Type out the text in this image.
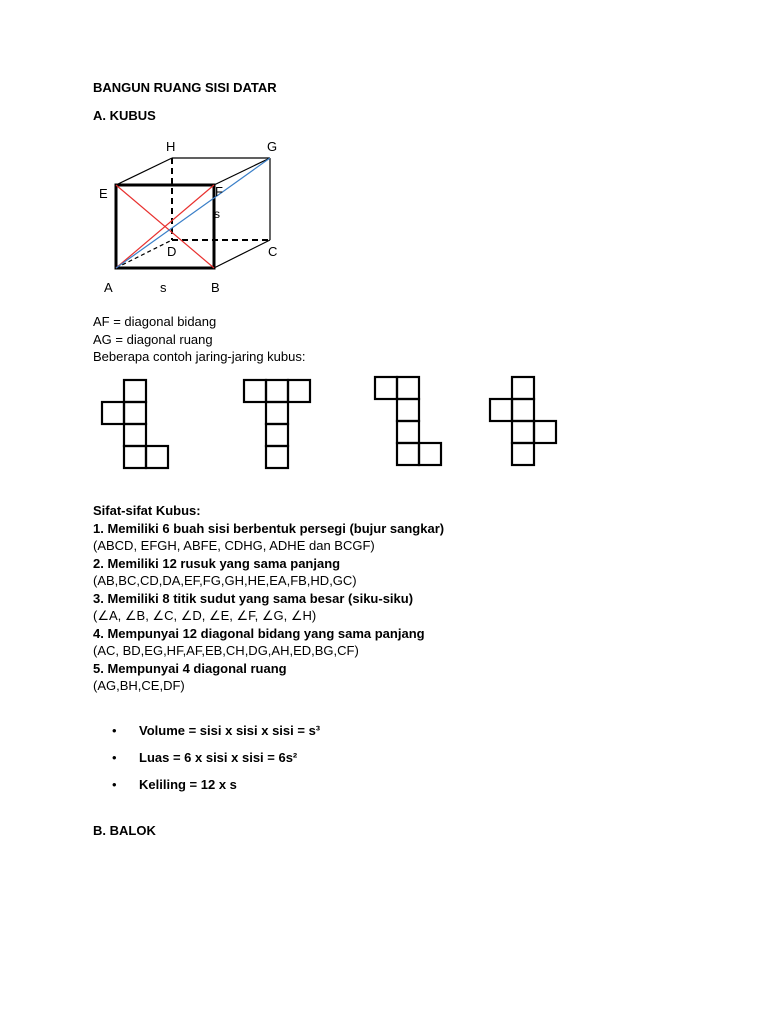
BANGUN RUANG SISI DATAR
A. KUBUS
H	G
E	F
s
D	C
A	s	B
AF = diagonal bidang
AG = diagonal ruang
Beberapa contoh jaring-jaring kubus:
Sifat-sifat Kubus:
1. Memiliki 6 buah sisi berbentuk persegi (bujur sangkar)
(ABCD, EFGH, ABFE, CDHG, ADHE dan BCGF)
2. Memiliki 12 rusuk yang sama panjang
(AB,BC,CD,DA,EF,FG,GH,HE,EA,FB,HD,GC)
3. Memiliki 8 titik sudut yang sama besar (siku-siku)
(∠A, ∠B, ∠C, ∠D, ∠E, ∠F, ∠G, ∠H)
4. Mempunyai 12 diagonal bidang yang sama panjang
(AC, BD,EG,HF,AF,EB,CH,DG,AH,ED,BG,CF)
5. Mempunyai 4 diagonal ruang
(AG,BH,CE,DF)
• Volume = sisi x sisi x sisi = s³
• Luas = 6 x sisi x sisi = 6s²
• Keliling = 12 x s
B. BALOK
